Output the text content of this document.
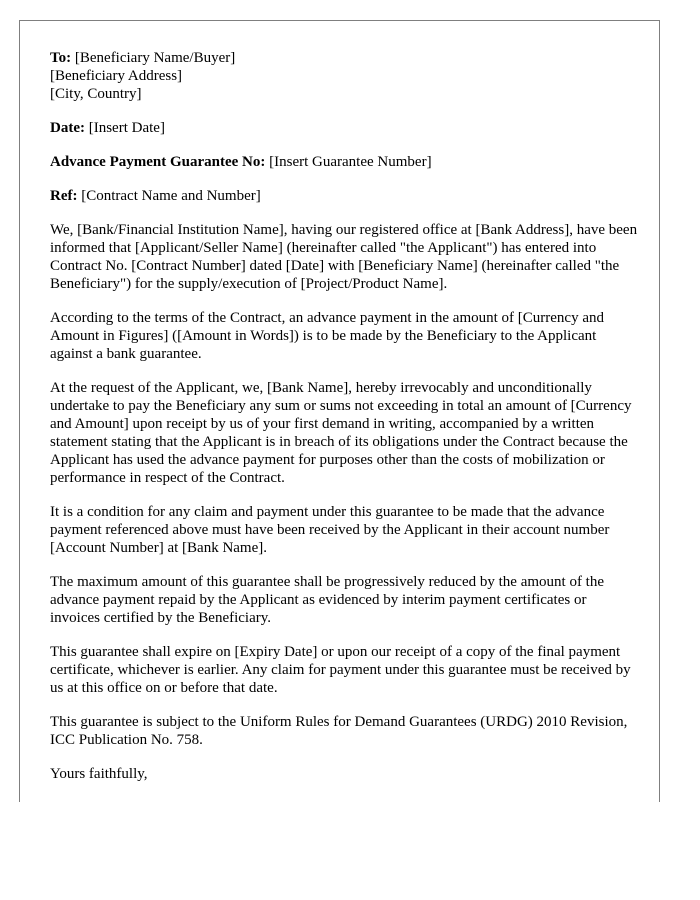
To: [Beneficiary Name/Buyer]
[Beneficiary Address]
[City, Country]

Date: [Insert Date]

Advance Payment Guarantee No: [Insert Guarantee Number]

Ref: [Contract Name and Number]

We, [Bank/Financial Institution Name], having our registered office at [Bank Address], have been informed that [Applicant/Seller Name] (hereinafter called "the Applicant") has entered into Contract No. [Contract Number] dated [Date] with [Beneficiary Name] (hereinafter called "the Beneficiary") for the supply/execution of [Project/Product Name].

According to the terms of the Contract, an advance payment in the amount of [Currency and Amount in Figures] ([Amount in Words]) is to be made by the Beneficiary to the Applicant against a bank guarantee.

At the request of the Applicant, we, [Bank Name], hereby irrevocably and unconditionally undertake to pay the Beneficiary any sum or sums not exceeding in total an amount of [Currency and Amount] upon receipt by us of your first demand in writing, accompanied by a written statement stating that the Applicant is in breach of its obligations under the Contract because the Applicant has used the advance payment for purposes other than the costs of mobilization or performance in respect of the Contract.

It is a condition for any claim and payment under this guarantee to be made that the advance payment referenced above must have been received by the Applicant in their account number [Account Number] at [Bank Name].

The maximum amount of this guarantee shall be progressively reduced by the amount of the advance payment repaid by the Applicant as evidenced by interim payment certificates or invoices certified by the Beneficiary.

This guarantee shall expire on [Expiry Date] or upon our receipt of a copy of the final payment certificate, whichever is earlier. Any claim for payment under this guarantee must be received by us at this office on or before that date.

This guarantee is subject to the Uniform Rules for Demand Guarantees (URDG) 2010 Revision, ICC Publication No. 758.

Yours faithfully,
